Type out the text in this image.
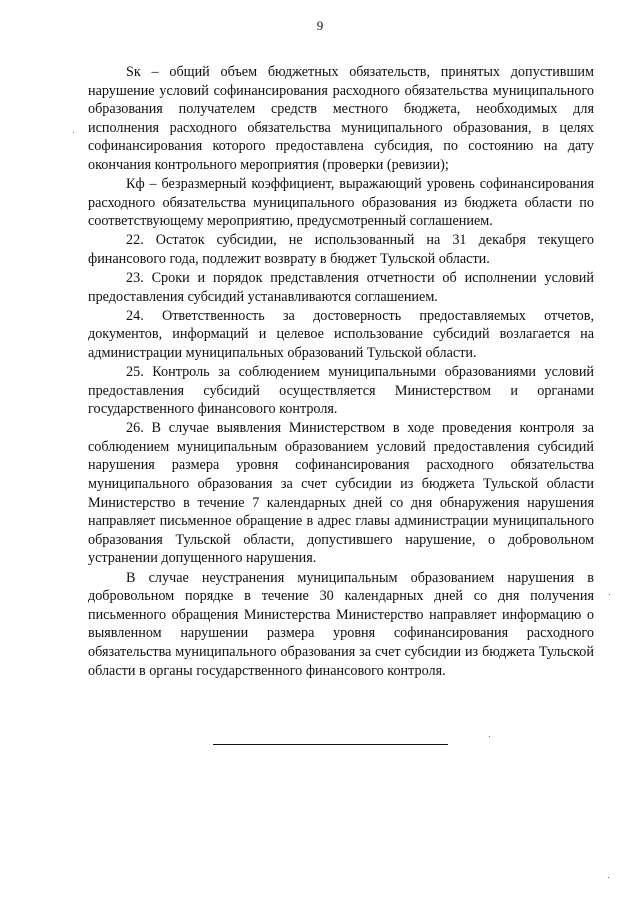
9

Sк – общий объем бюджетных обязательств, принятых допустившим нарушение условий софинансирования расходного обязательства муниципального образования получателем средств местного бюджета, необходимых для исполнения расходного обязательства муниципального образования, в целях софинансирования которого предоставлена субсидия, по состоянию на дату окончания контрольного мероприятия (проверки (ревизии);

Кф – безразмерный коэффициент, выражающий уровень софинансирования расходного обязательства муниципального образования из бюджета области по соответствующему мероприятию, предусмотренный соглашением.

22. Остаток субсидии, не использованный на 31 декабря текущего финансового года, подлежит возврату в бюджет Тульской области.

23. Сроки и порядок представления отчетности об исполнении условий предоставления субсидий устанавливаются соглашением.

24. Ответственность за достоверность предоставляемых отчетов, документов, информаций и целевое использование субсидий возлагается на администрации муниципальных образований Тульской области.

25. Контроль за соблюдением муниципальными образованиями условий предоставления субсидий осуществляется Министерством и органами государственного финансового контроля.

26. В случае выявления Министерством в ходе проведения контроля за соблюдением муниципальным образованием условий предоставления субсидий нарушения размера уровня софинансирования расходного обязательства муниципального образования за счет субсидии из бюджета Тульской области Министерство в течение 7 календарных дней со дня обнаружения нарушения направляет письменное обращение в адрес главы администрации муниципального образования Тульской области, допустившего нарушение, о добровольном устранении допущенного нарушения.

В случае неустранения муниципальным образованием нарушения в добровольном порядке в течение 30 календарных дней со дня получения письменного обращения Министерства Министерство направляет информацию о выявленном нарушении размера уровня софинансирования расходного обязательства муниципального образования за счет субсидии из бюджета Тульской области в органы государственного финансового контроля.
